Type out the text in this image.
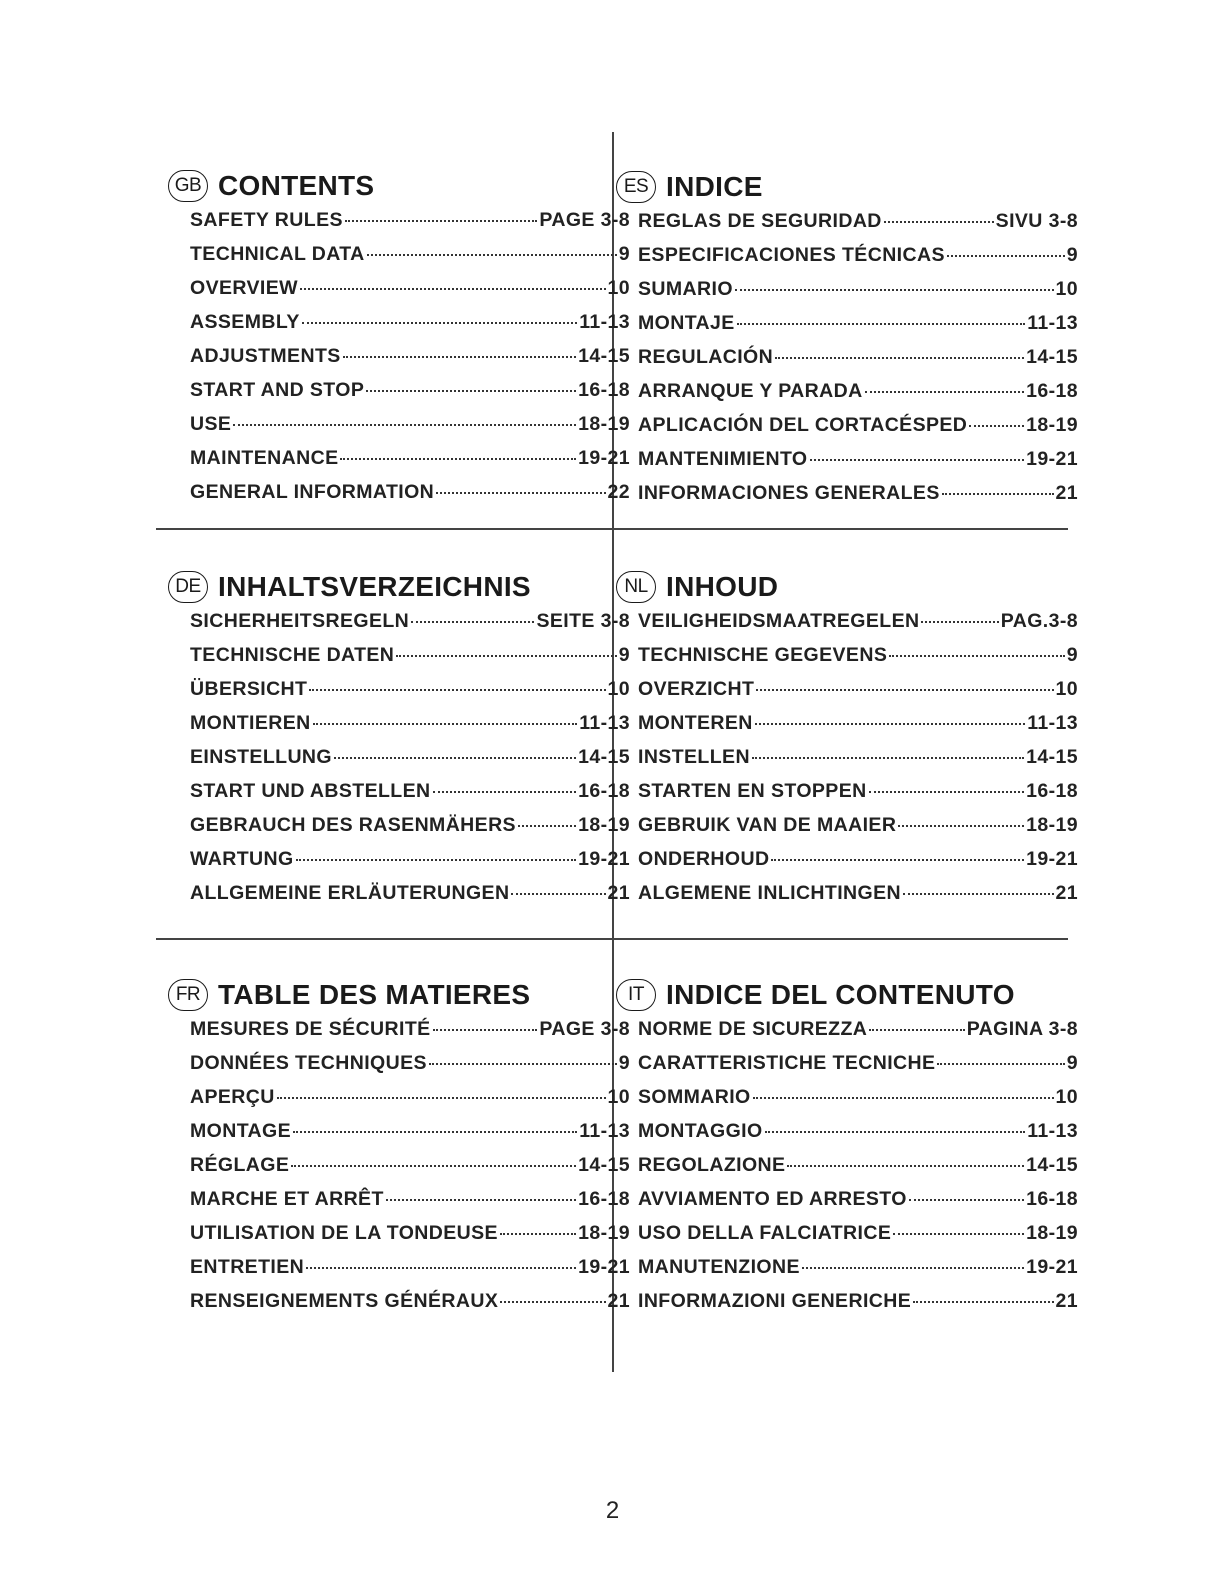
GB CONTENTS
SAFETY RULES	PAGE 3-8
TECHNICAL DATA	9
OVERVIEW	10
ASSEMBLY	11-13
ADJUSTMENTS	14-15
START AND STOP	16-18
USE	18-19
MAINTENANCE	19-21
GENERAL INFORMATION	22
ES INDICE
REGLAS DE SEGURIDAD	SIVU 3-8
ESPECIFICACIONES TÉCNICAS	9
SUMARIO	10
MONTAJE	11-13
REGULACIÓN	14-15
ARRANQUE Y PARADA	16-18
APLICACIÓN DEL CORTACÉSPED	18-19
MANTENIMIENTO	19-21
INFORMACIONES GENERALES	21
DE INHALTSVERZEICHNIS
SICHERHEITSREGELN	SEITE 3-8
TECHNISCHE DATEN	9
ÜBERSICHT	10
MONTIEREN	11-13
EINSTELLUNG	14-15
START UND ABSTELLEN	16-18
GEBRAUCH DES RASENMÄHERS	18-19
WARTUNG	19-21
ALLGEMEINE ERLÄUTERUNGEN	21
NL INHOUD
VEILIGHEIDSMAATREGELEN	PAG.3-8
TECHNISCHE GEGEVENS	9
OVERZICHT	10
MONTEREN	11-13
INSTELLEN	14-15
STARTEN EN STOPPEN	16-18
GEBRUIK VAN DE MAAIER	18-19
ONDERHOUD	19-21
ALGEMENE INLICHTINGEN	21
FR TABLE DES MATIERES
MESURES DE SÉCURITÉ	PAGE 3-8
DONNÉES TECHNIQUES	9
APERÇU	10
MONTAGE	11-13
RÉGLAGE	14-15
MARCHE ET ARRÊT	16-18
UTILISATION DE LA TONDEUSE	18-19
ENTRETIEN	19-21
RENSEIGNEMENTS GÉNÉRAUX	21
IT INDICE DEL CONTENUTO
NORME DE SICUREZZA	PAGINA 3-8
CARATTERISTICHE TECNICHE	9
SOMMARIO	10
MONTAGGIO	11-13
REGOLAZIONE	14-15
AVVIAMENTO ED ARRESTO	16-18
USO DELLA FALCIATRICE	18-19
MANUTENZIONE	19-21
INFORMAZIONI GENERICHE	21
2
